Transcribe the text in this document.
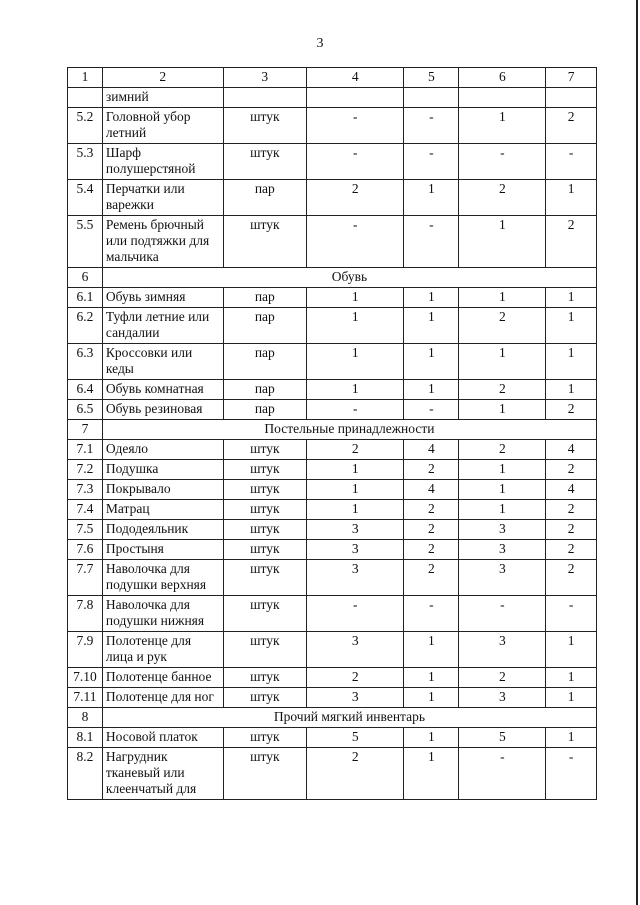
3
1	2	3	4	5	6	7
	зимний					
5.2	Головной убор летний	штук	-	-	1	2
5.3	Шарф полушерстяной	штук	-	-	-	-
5.4	Перчатки или варежки	пар	2	1	2	1
5.5	Ремень брючный или подтяжки для мальчика	штук	-	-	1	2
6	Обувь					
6.1	Обувь зимняя	пар	1	1	1	1
6.2	Туфли летние или сандалии	пар	1	1	2	1
6.3	Кроссовки или кеды	пар	1	1	1	1
6.4	Обувь комнатная	пар	1	1	2	1
6.5	Обувь резиновая	пар	-	-	1	2
7	Постельные принадлежности					
7.1	Одеяло	штук	2	4	2	4
7.2	Подушка	штук	1	2	1	2
7.3	Покрывало	штук	1	4	1	4
7.4	Матрац	штук	1	2	1	2
7.5	Пододеяльник	штук	3	2	3	2
7.6	Простыня	штук	3	2	3	2
7.7	Наволочка для подушки верхняя	штук	3	2	3	2
7.8	Наволочка для подушки нижняя	штук	-	-	-	-
7.9	Полотенце для лица и рук	штук	3	1	3	1
7.10	Полотенце банное	штук	2	1	2	1
7.11	Полотенце для ног	штук	3	1	3	1
8	Прочий мягкий инвентарь					
8.1	Носовой платок	штук	5	1	5	1
8.2	Нагрудник тканевый или клеенчатый для	штук	2	1	-	-
